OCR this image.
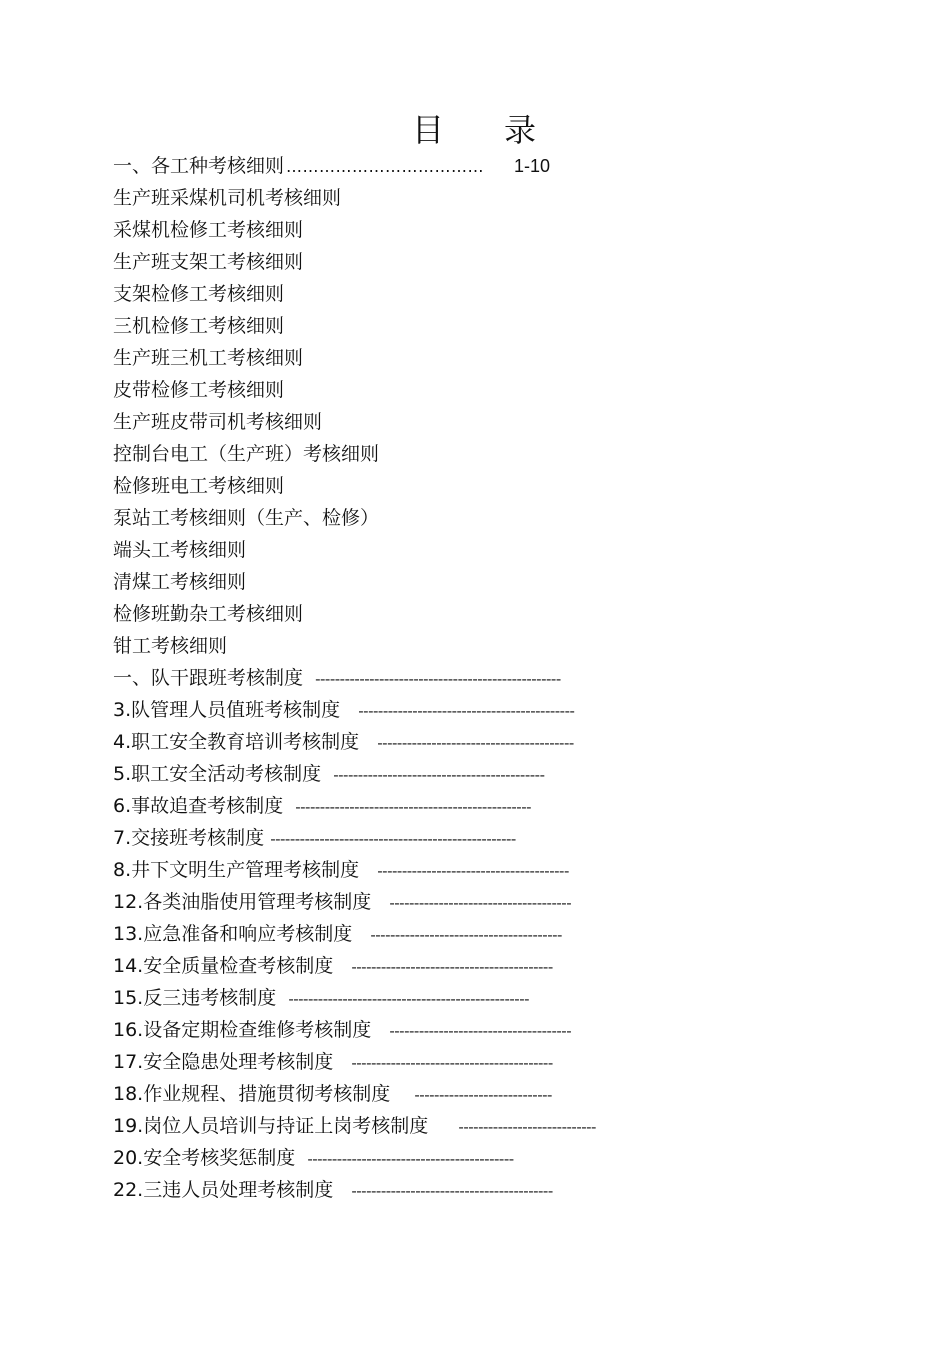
目 录
一、各工种考核细则 ……………………………… 1-10
生产班采煤机司机考核细则
采煤机检修工考核细则
生产班支架工考核细则
支架检修工考核细则
三机检修工考核细则
生产班三机工考核细则
皮带检修工考核细则
生产班皮带司机考核细则
控制台电工（生产班）考核细则
检修班电工考核细则
泵站工考核细则（生产、检修）
端头工考核细则
清煤工考核细则
检修班勤杂工考核细则
钳工考核细则
一、队干跟班考核制度
--------------------------------------------------
3.队管理人员值班考核制度
--------------------------------------------
4.职工安全教育培训考核制度
----------------------------------------
5.职工安全活动考核制度
-------------------------------------------
6.事故追查考核制度
------------------------------------------------
7.交接班考核制度
--------------------------------------------------
8.井下文明生产管理考核制度
---------------------------------------
12.各类油脂使用管理考核制度
-------------------------------------
13.应急准备和响应考核制度
---------------------------------------
14.安全质量检查考核制度
-----------------------------------------
15.反三违考核制度
-------------------------------------------------
16.设备定期检查维修考核制度
-------------------------------------
17.安全隐患处理考核制度
-----------------------------------------
18.作业规程、措施贯彻考核制度
----------------------------
19.岗位人员培训与持证上岗考核制度
----------------------------
20.安全考核奖惩制度
------------------------------------------
22.三违人员处理考核制度
-----------------------------------------
